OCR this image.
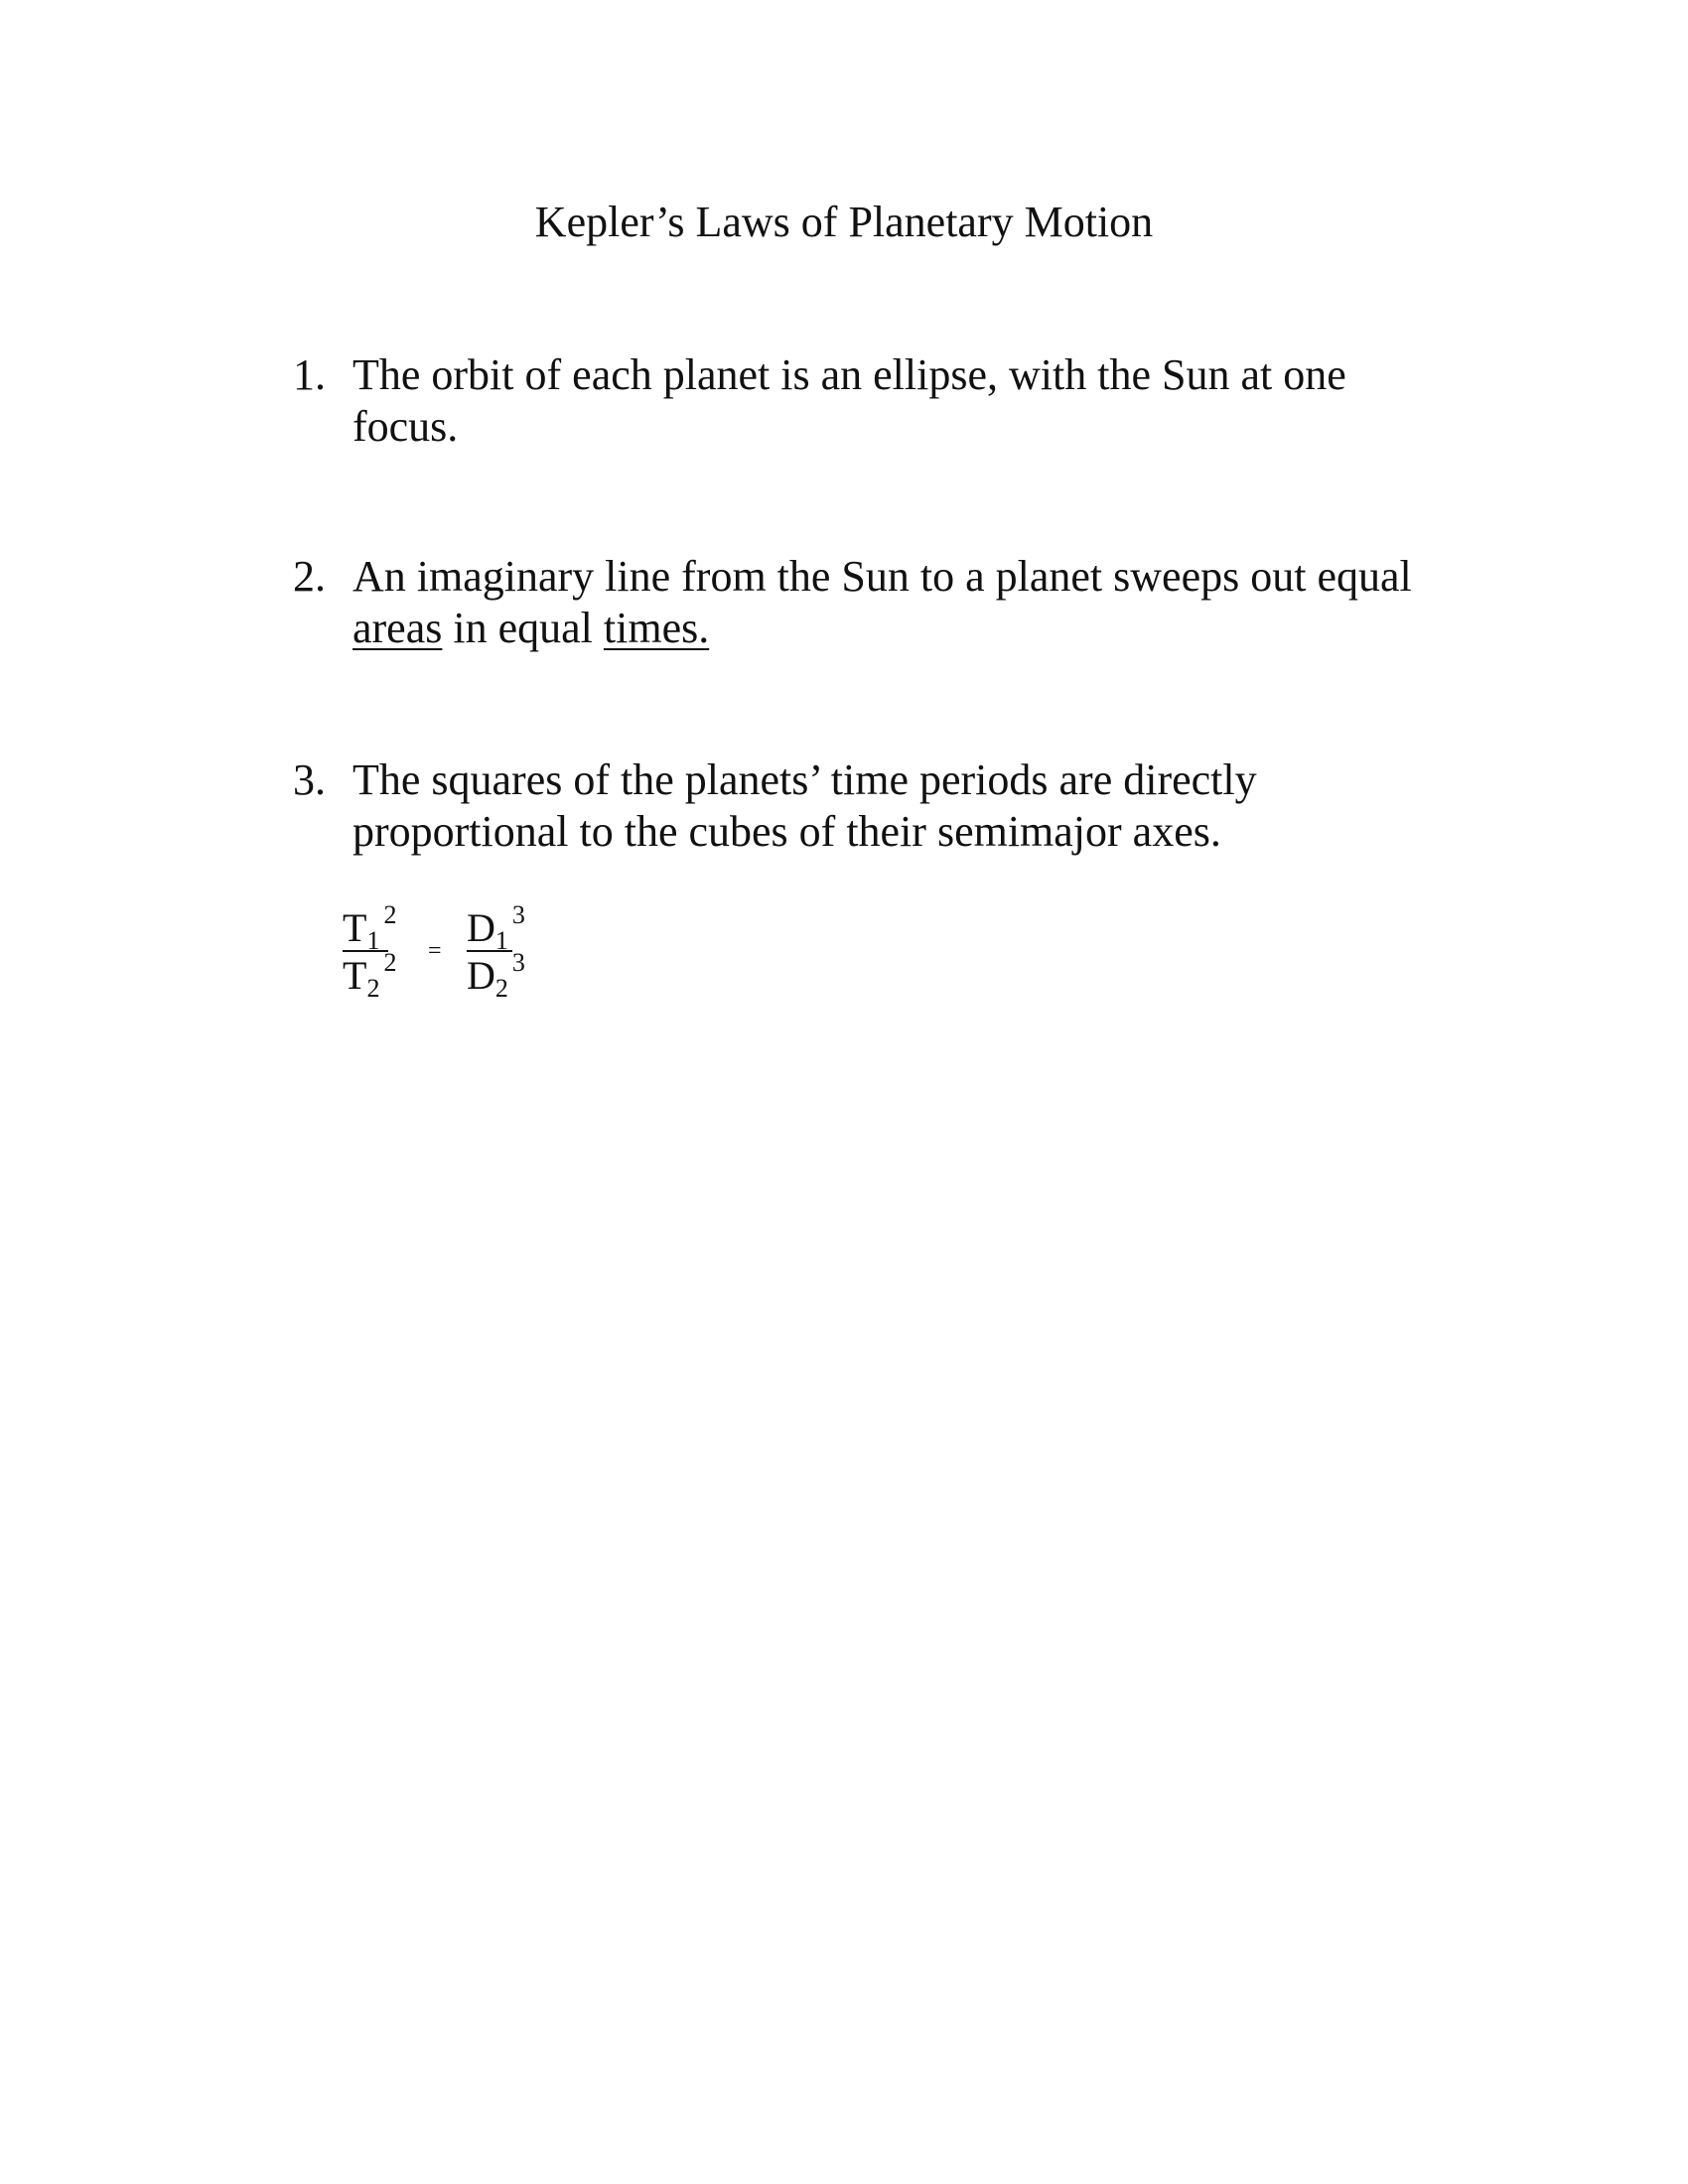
Kepler’s Laws of Planetary Motion
1. The orbit of each planet is an ellipse, with the Sun at one focus.
2. An imaginary line from the Sun to a planet sweeps out equal areas in equal times.
3. The squares of the planets’ time periods are directly proportional to the cubes of their semimajor axes.
$T_1^2$
$T_2^2$ =
$D_1^3$
$D_2^3$
